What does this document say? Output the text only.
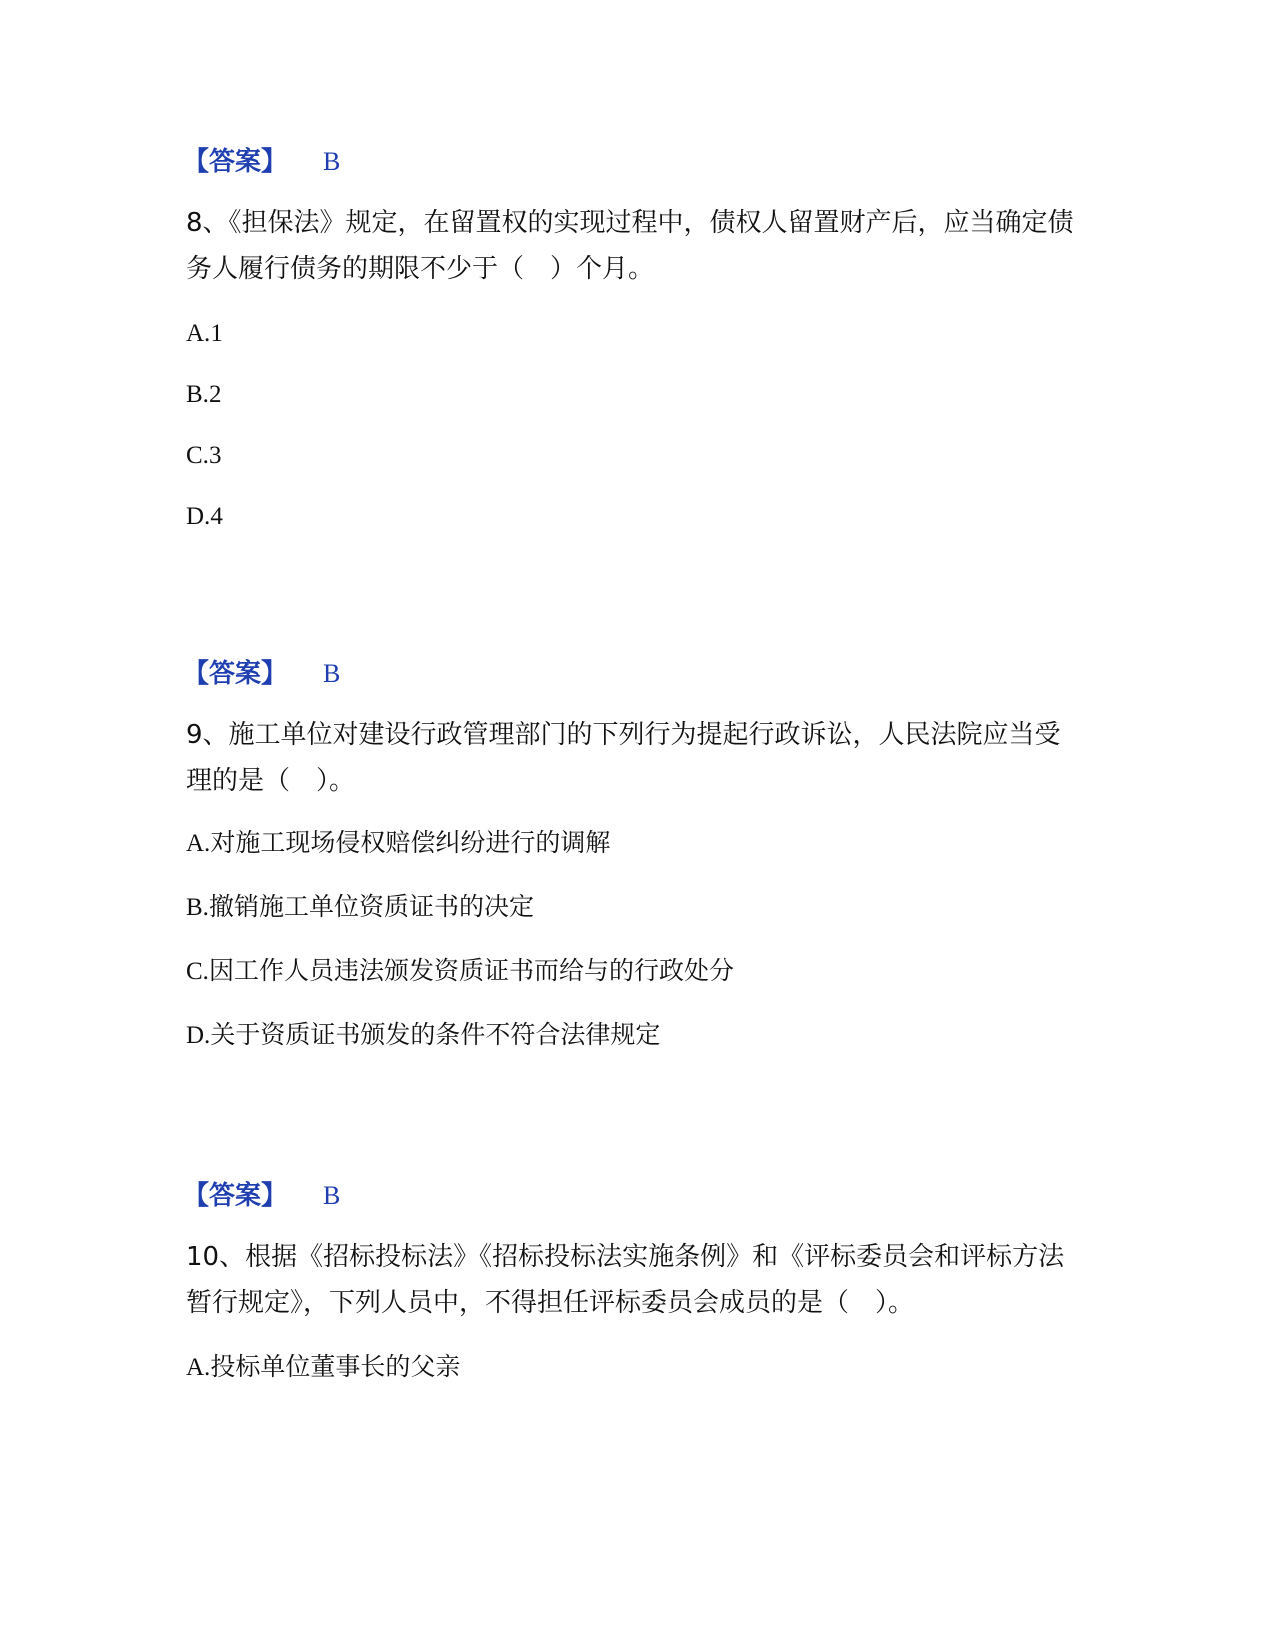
【答案】 B
8、《担保法》规定，在留置权的实现过程中，债权人留置财产后，应当确定债务人履行债务的期限不少于（　）个月。
A.1
B.2
C.3
D.4
【答案】 B
9、施工单位对建设行政管理部门的下列行为提起行政诉讼，人民法院应当受理的是（　）。
A.对施工现场侵权赔偿纠纷进行的调解
B.撤销施工单位资质证书的决定
C.因工作人员违法颁发资质证书而给与的行政处分
D.关于资质证书颁发的条件不符合法律规定
【答案】 B
10、根据《招标投标法》《招标投标法实施条例》和《评标委员会和评标方法暂行规定》，下列人员中，不得担任评标委员会成员的是（　）。
A.投标单位董事长的父亲
